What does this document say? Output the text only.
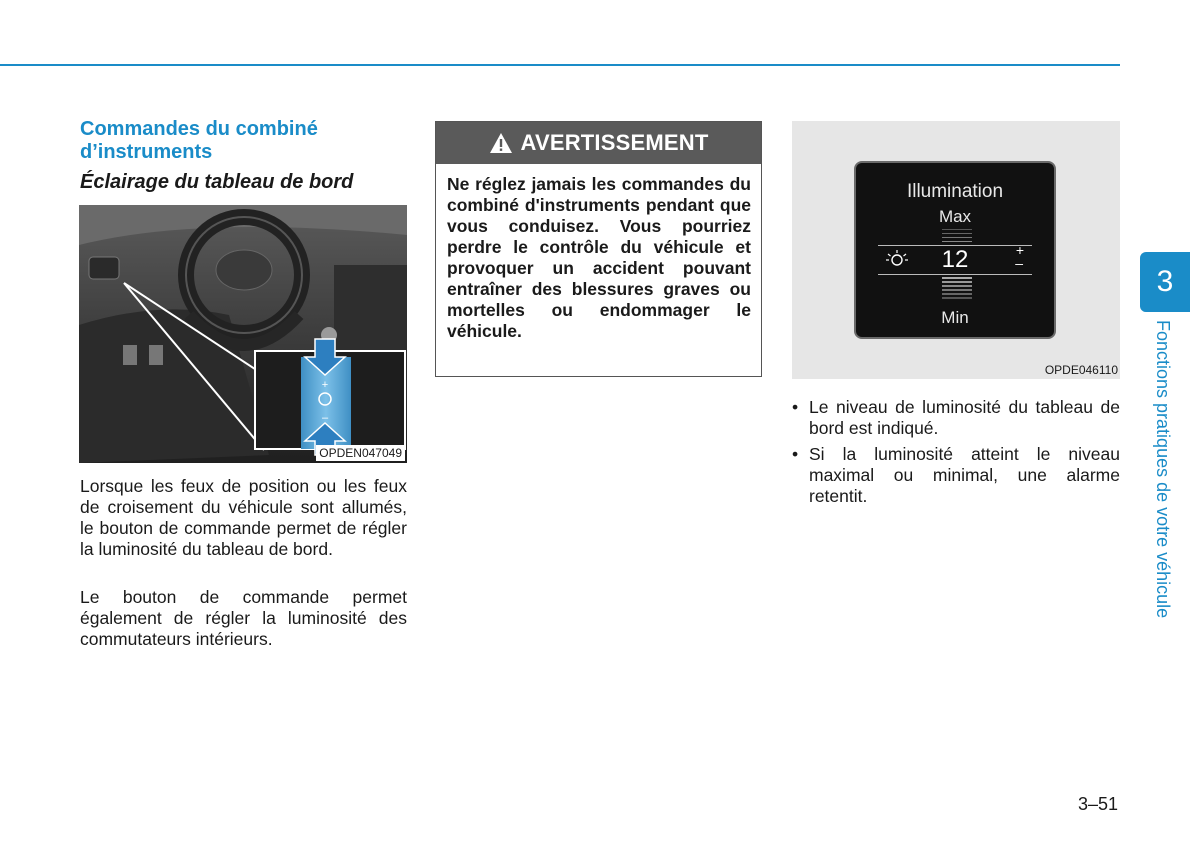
Commandes du combiné d’instruments
Éclairage du tableau de bord
+
–
OPDEN047049
Lorsque les feux de position ou les feux de croisement du véhicule sont allumés, le bouton de commande permet de régler la luminosité du tableau de bord.
Le bouton de commande permet également de régler la luminosité des commutateurs intérieurs.
AVERTISSEMENT
Ne réglez jamais les commandes du combiné d'instruments pendant que vous conduisez. Vous pourriez perdre le contrôle du véhicule et provoquer un accident pouvant entraîner des blessures graves ou mortelles ou endommager le véhicule.
Illumination
Max
12	+
–
Min
OPDE046110
• Le niveau de luminosité du tableau de bord est indiqué.
• Si la luminosité atteint le niveau maximal ou minimal, une alarme retentit.
3
Fonctions pratiques de votre véhicule
3–51
